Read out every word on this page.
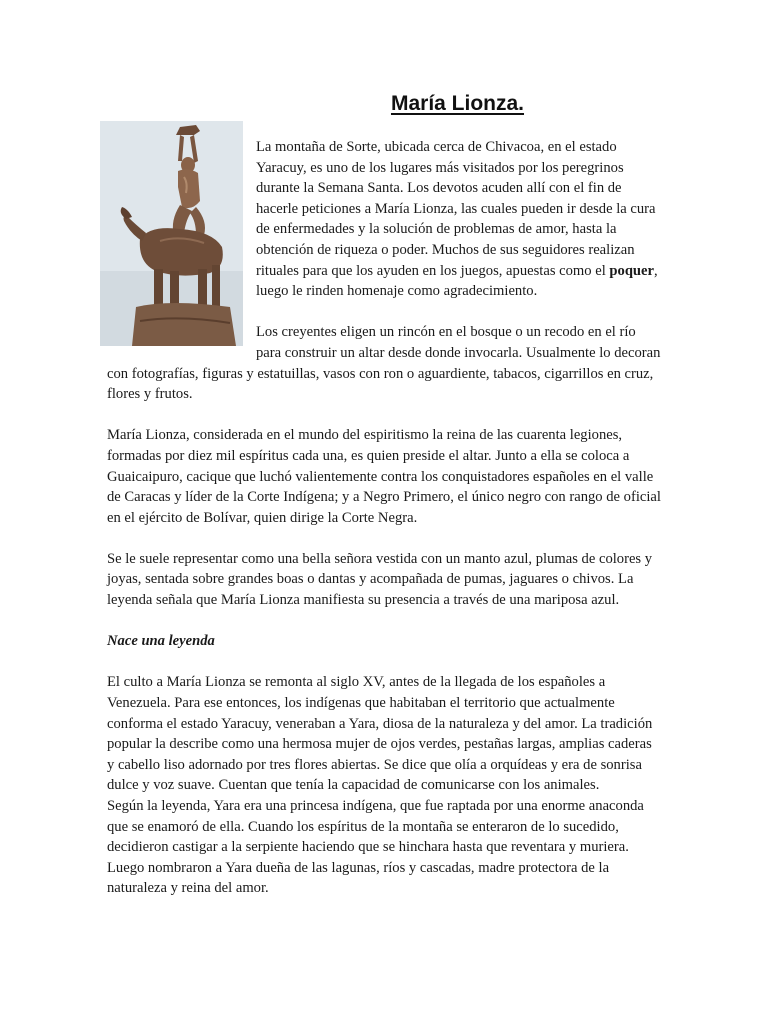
María Lionza.

La montaña de Sorte, ubicada cerca de Chivacoa, en el estado Yaracuy, es uno de los lugares más visitados por los peregrinos durante la Semana Santa. Los devotos acuden allí con el fin de hacerle peticiones a María Lionza, las cuales pueden ir desde la cura de enfermedades y la solución de problemas de amor, hasta la obtención de riqueza o poder. Muchos de sus seguidores realizan rituales para que los ayuden en los juegos, apuestas como el poquer, luego le rinden homenaje como agradecimiento.

Los creyentes eligen un rincón en el bosque o un recodo en el río para construir un altar desde donde invocarla. Usualmente lo decoran con fotografías, figuras y estatuillas, vasos con ron o aguardiente, tabacos, cigarrillos en cruz, flores y frutos.

María Lionza, considerada en el mundo del espiritismo la reina de las cuarenta legiones, formadas por diez mil espíritus cada una, es quien preside el altar. Junto a ella se coloca a Guaicaipuro, cacique que luchó valientemente contra los conquistadores españoles en el valle de Caracas y líder de la Corte Indígena; y a Negro Primero, el único negro con rango de oficial en el ejército de Bolívar, quien dirige la Corte Negra.

Se le suele representar como una bella señora vestida con un manto azul, plumas de colores y joyas, sentada sobre grandes boas o dantas y acompañada de pumas, jaguares o chivos. La leyenda señala que María Lionza manifiesta su presencia a través de una mariposa azul.

Nace una leyenda

El culto a María Lionza se remonta al siglo XV, antes de la llegada de los españoles a Venezuela. Para ese entonces, los indígenas que habitaban el territorio que actualmente conforma el estado Yaracuy, veneraban a Yara, diosa de la naturaleza y del amor. La tradición popular la describe como una hermosa mujer de ojos verdes, pestañas largas, amplias caderas y cabello liso adornado por tres flores abiertas. Se dice que olía a orquídeas y era de sonrisa dulce y voz suave. Cuentan que tenía la capacidad de comunicarse con los animales.

Según la leyenda, Yara era una princesa indígena, que fue raptada por una enorme anaconda que se enamoró de ella. Cuando los espíritus de la montaña se enteraron de lo sucedido, decidieron castigar a la serpiente haciendo que se hinchara hasta que reventara y muriera. Luego nombraron a Yara dueña de las lagunas, ríos y cascadas, madre protectora de la naturaleza y reina del amor.
